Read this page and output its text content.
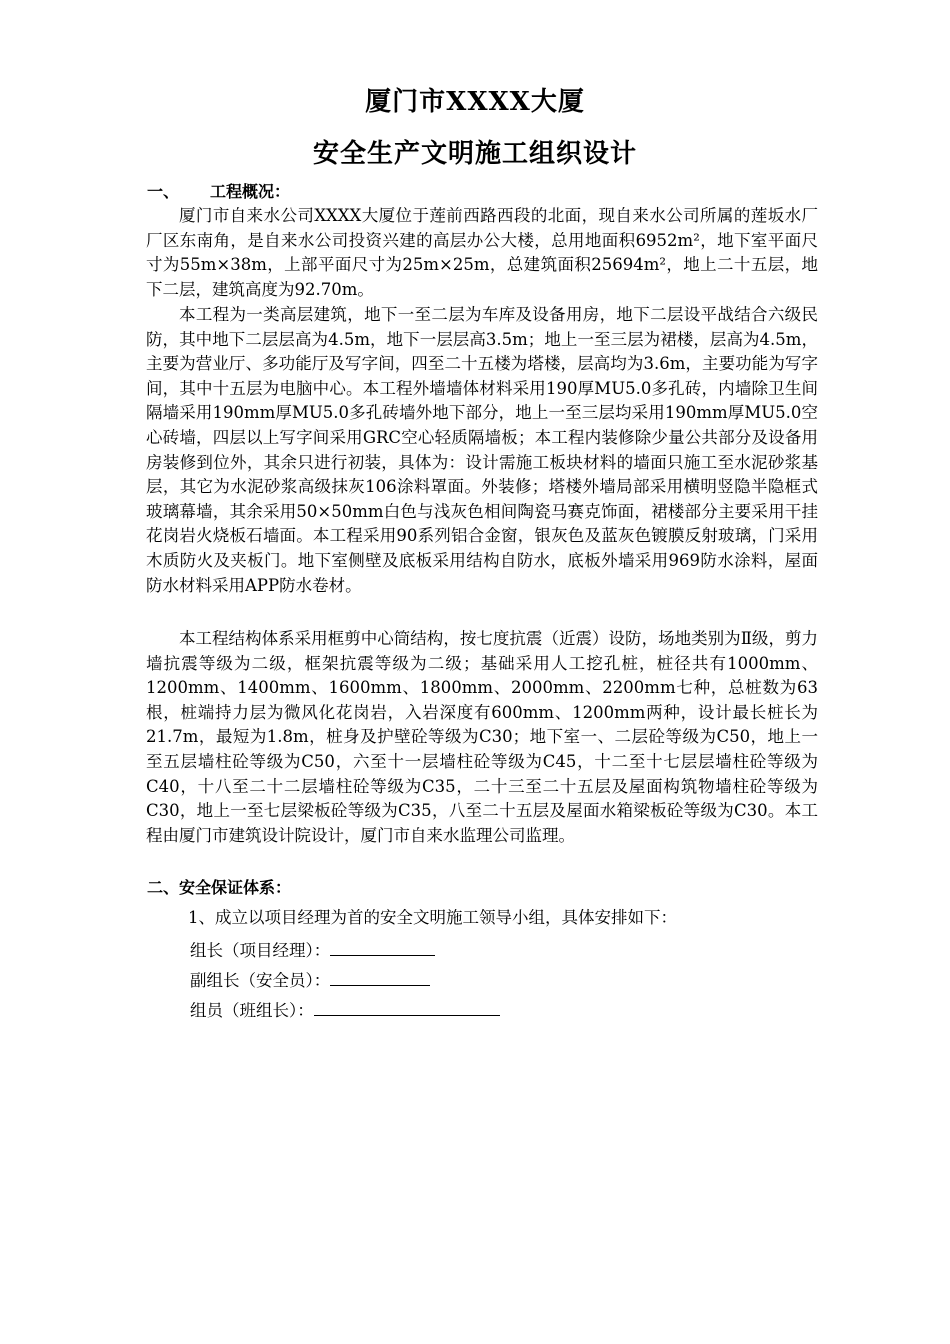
厦门市XXXX大厦
安全生产文明施工组织设计
一、 工程概况：

厦门市自来水公司XXXX大厦位于莲前西路西段的北面，现自来水公司所属的莲坂水厂厂区东南角，是自来水公司投资兴建的高层办公大楼，总用地面积6952m²，地下室平面尺寸为55m×38m，上部平面尺寸为25m×25m，总建筑面积25694m²，地上二十五层，地下二层，建筑高度为92.70m。

本工程为一类高层建筑，地下一至二层为车库及设备用房，地下二层设平战结合六级民防，其中地下二层层高为4.5m，地下一层层高3.5m；地上一至三层为裙楼，层高为4.5m，主要为营业厅、多功能厅及写字间，四至二十五楼为塔楼，层高均为3.6m，主要功能为写字间，其中十五层为电脑中心。本工程外墙墙体材料采用190厚MU5.0多孔砖，内墙除卫生间隔墙采用190mm厚MU5.0多孔砖墙外地下部分，地上一至三层均采用190mm厚MU5.0空心砖墙，四层以上写字间采用GRC空心轻质隔墙板；本工程内装修除少量公共部分及设备用房装修到位外，其余只进行初装，具体为：设计需施工板块材料的墙面只施工至水泥砂浆基层，其它为水泥砂浆高级抹灰106涂料罩面。外装修；塔楼外墙局部采用横明竖隐半隐框式玻璃幕墙，其余采用50×50mm白色与浅灰色相间陶瓷马赛克饰面，裙楼部分主要采用干挂花岗岩火烧板石墙面。本工程采用90系列铝合金窗，银灰色及蓝灰色镀膜反射玻璃，门采用木质防火及夹板门。地下室侧壁及底板采用结构自防水，底板外墙采用969防水涂料，屋面防水材料采用APP防水卷材。

本工程结构体系采用框剪中心筒结构，按七度抗震（近震）设防，场地类别为Ⅱ级，剪力墙抗震等级为二级，框架抗震等级为二级；基础采用人工挖孔桩，桩径共有1000mm、1200mm、1400mm、1600mm、1800mm、2000mm、2200mm七种，总桩数为63根，桩端持力层为微风化花岗岩，入岩深度有600mm、1200mm两种，设计最长桩长为21.7m，最短为1.8m，桩身及护壁砼等级为C30；地下室一、二层砼等级为C50，地上一至五层墙柱砼等级为C50，六至十一层墙柱砼等级为C45，十二至十七层层墙柱砼等级为C40，十八至二十二层墙柱砼等级为C35，二十三至二十五层及屋面构筑物墙柱砼等级为C30，地上一至七层梁板砼等级为C35，八至二十五层及屋面水箱梁板砼等级为C30。本工程由厦门市建筑设计院设计，厦门市自来水监理公司监理。

二、安全保证体系：
1、成立以项目经理为首的安全文明施工领导小组，具体安排如下：
组长（项目经理）：
副组长（安全员）：
组员（班组长）：
